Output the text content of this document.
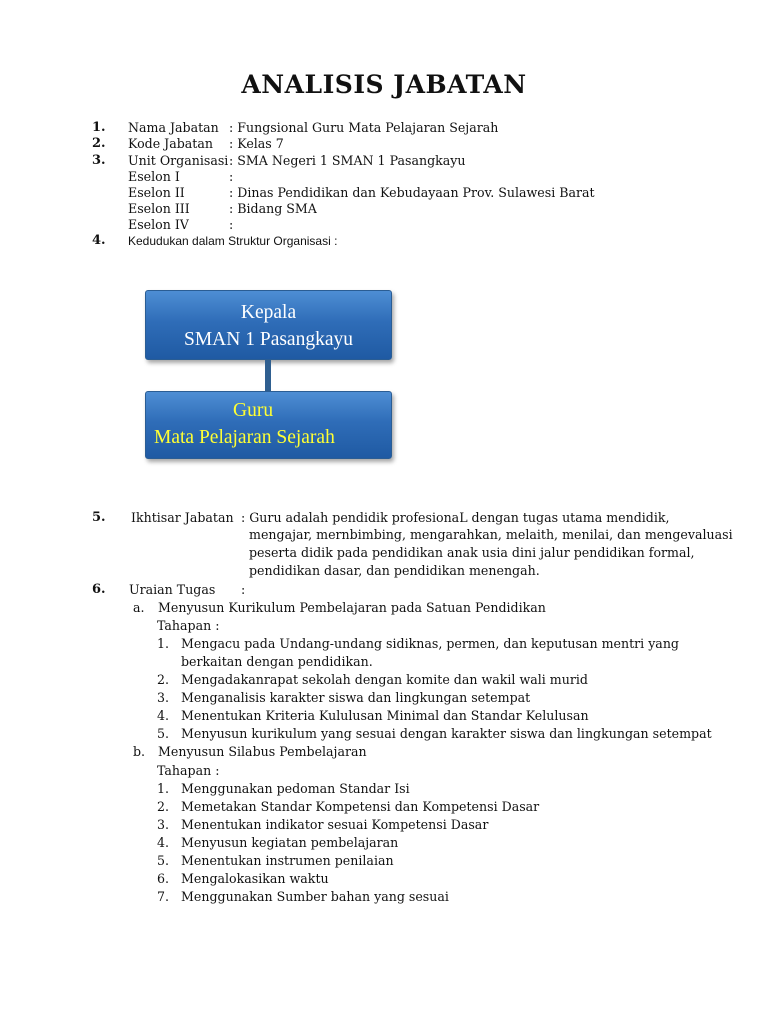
ANALISIS JABATAN
1. Nama Jabatan : Fungsional Guru Mata Pelajaran Sejarah
2. Kode Jabatan : Kelas 7
3. Unit Organisasi : SMA Negeri 1 SMAN 1 Pasangkayu
Eselon I	:
Eselon II	: Dinas Pendidikan dan Kebudayaan Prov. Sulawesi Barat
Eselon III	: Bidang SMA
Eselon IV	:
4. Kedudukan dalam Struktur Organisasi :
Kepala
SMAN 1 Pasangkayu
Guru
Mata Pelajaran Sejarah
5. Ikhtisar Jabatan : Guru adalah pendidik profesionaL dengan tugas utama mendidik,
mengajar, mernbimbing, mengarahkan, melaith, menilai, dan mengevaluasi
peserta didik pada pendidikan anak usia dini jalur pendidikan formal,
pendidikan dasar, dan pendidikan menengah.
6. Uraian Tugas :
a. Menyusun Kurikulum Pembelajaran pada Satuan Pendidikan
Tahapan :
1. Mengacu pada Undang-undang sidiknas, permen, dan keputusan mentri yang
berkaitan dengan pendidikan.
2. Mengadakanrapat sekolah dengan komite dan wakil wali murid
3. Menganalisis karakter siswa dan lingkungan setempat
4. Menentukan Kriteria Kululusan Minimal dan Standar Kelulusan
5. Menyusun kurikulum yang sesuai dengan karakter siswa dan lingkungan setempat
b. Menyusun Silabus Pembelajaran
Tahapan :
1. Menggunakan pedoman Standar Isi
2. Memetakan Standar Kompetensi dan Kompetensi Dasar
3. Menentukan indikator sesuai Kompetensi Dasar
4. Menyusun kegiatan pembelajaran
5. Menentukan instrumen penilaian
6. Mengalokasikan waktu
7. Menggunakan Sumber bahan yang sesuai
